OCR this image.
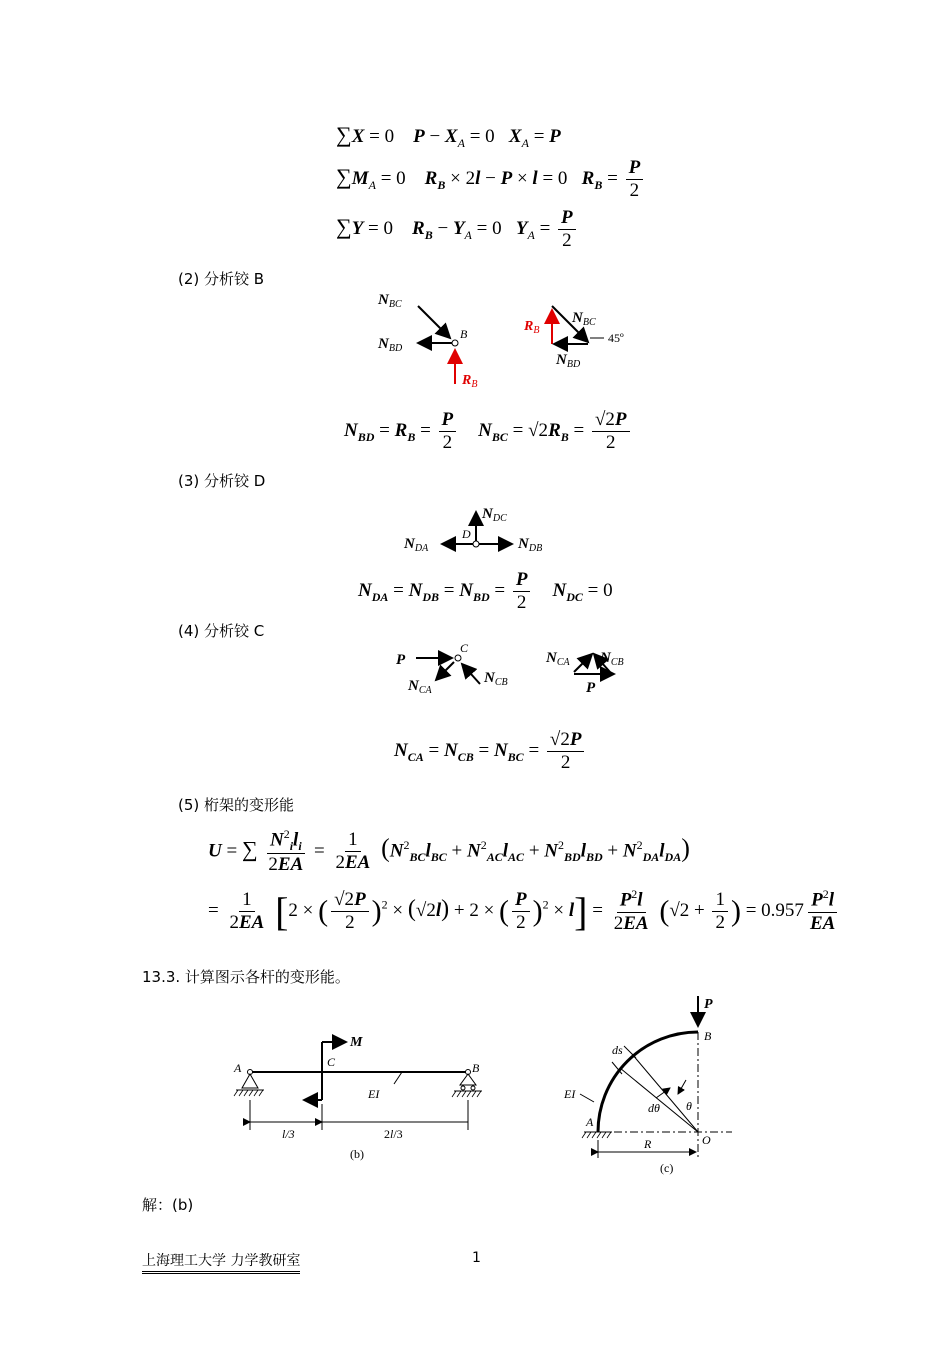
∑X = 0    $P - X_A = 0$   $X_A = P$
$\sum M_A = 0$    $R_B \times 2l - P \times l = 0$   $R_B = \frac{P}{2}$
∑Y = 0    $R_B - Y_A = 0$   $Y_A = \frac{P}{2}$
(2) 分析铰 B
$N_{BC}$
B
$N_{BD}$
$R_B$
$R_B$
$N_{BC}$
45º
$N_{BD}$
$N_{BD} = R_B = \frac{P}{2} N_{BC} = √2R_B = \frac{√2P}{2}$
(3) 分析铰 D
$N_{DC}$
D
$N_{DA}$	$N_{DB}$
$N_{DA} = N_{DB} = N_{BD} = \frac{P}{2} N_{DC} = 0$
(4) 分析铰 C
P
C
$N_{CA}$
$N_{CB}$
$N_{CA}$ $N_{CB}$
P
$N_{CA} = N_{CB} = N_{BC} = \frac{√2P}{2}$
(5) 桁架的变形能
U = ∑ $\frac{N^2_il_i}{2EA} = \frac{1}{2EA} (N^2_{BC}l_{BC} + N^2_{AC}l_{AC} + N^2_{BD}l_{BD} + N^2_{DA}l_{DA})$
= $\frac{1}{2EA} [2$ × ( $\frac{√2P}{2} )^2 \times (√2l) + 2$ × ( $\frac{P}{2} )^2 \times l] = \frac{P^2l}{2EA} (√2 + \frac{1}{2}$ ) = $0.957 \frac{P^2l}{EA}$
13.3. 计算图示各杆的变形能。
A	B
M
C
EI
l/3	2l/3
(b)
P
B
A
ds
dθ θ
EI
O
R
(c)
解：(b)
上海理工大学 力学教研室	1
